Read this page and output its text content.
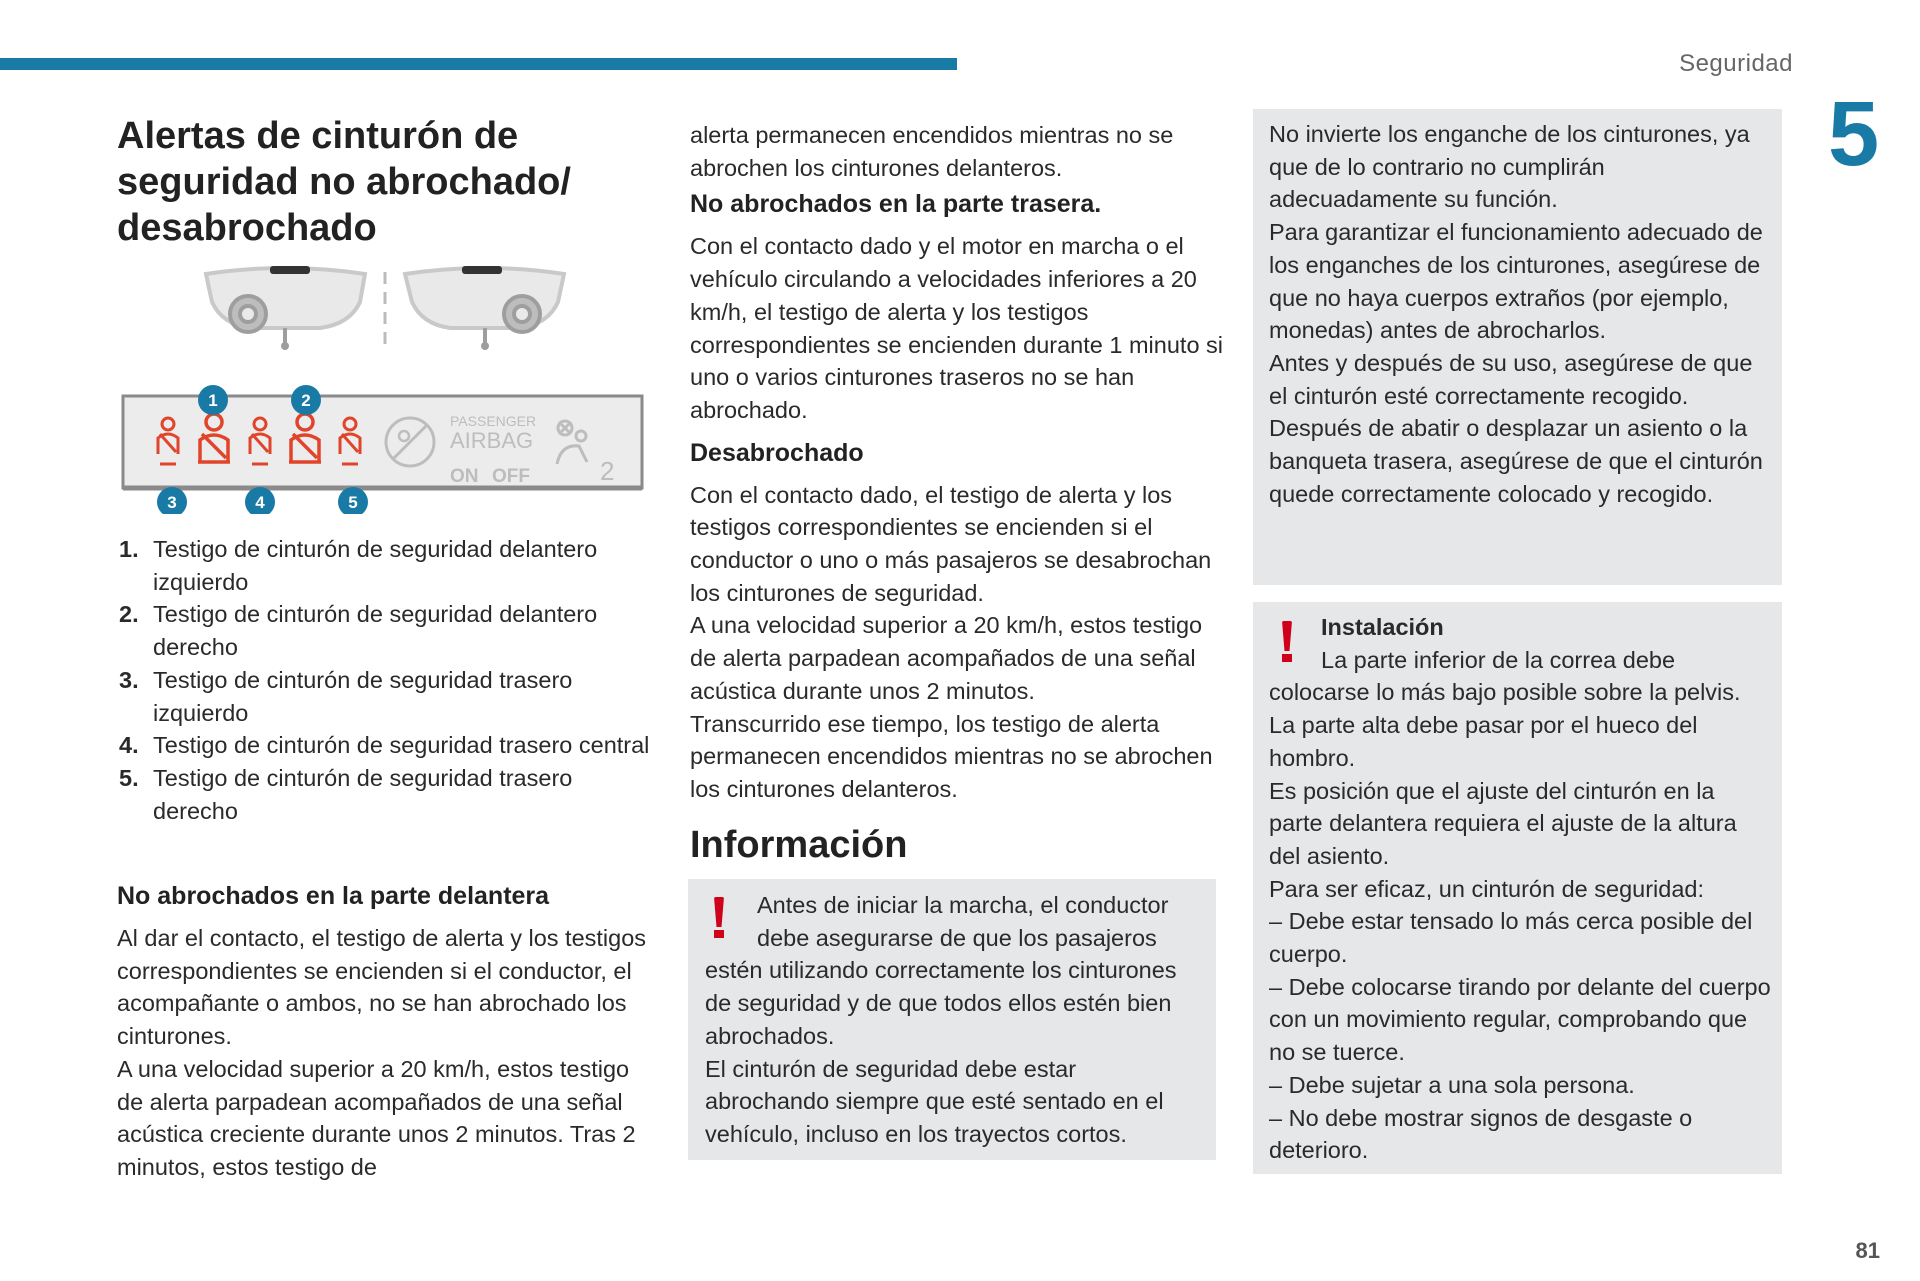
Seguridad
5
81
Alertas de cinturón de
seguridad no abrochado/
desabrochado
PASSENGER
AIRBAG
ON OFF	2
1	2
3	4	5
1. Testigo de cinturón de seguridad delantero izquierdo
2. Testigo de cinturón de seguridad delantero derecho
3. Testigo de cinturón de seguridad trasero izquierdo
4. Testigo de cinturón de seguridad trasero central
5. Testigo de cinturón de seguridad trasero derecho
No abrochados en la parte delantera

Al dar el contacto, el testigo de alerta y los testigos correspondientes se encienden si el conductor, el acompañante o ambos, no se han abrochado los cinturones.

A una velocidad superior a 20 km/h, estos testigo de alerta parpadean acompañados de una señal acústica creciente durante unos 2 minutos. Tras 2 minutos, estos testigo de

alerta permanecen encendidos mientras no se abrochen los cinturones delanteros.

No abrochados en la parte trasera.

Con el contacto dado y el motor en marcha o el vehículo circulando a velocidades inferiores a 20 km/h, el testigo de alerta y los testigos correspondientes se encienden durante 1 minuto si uno o varios cinturones traseros no se han abrochado.

Desabrochado

Con el contacto dado, el testigo de alerta y los testigos correspondientes se encienden si el conductor o uno o más pasajeros se desabrochan los cinturones de seguridad.

A una velocidad superior a 20 km/h, estos testigo de alerta parpadean acompañados de una señal acústica durante unos 2 minutos.

Transcurrido ese tiempo, los testigo de alerta permanecen encendidos mientras no se abrochen los cinturones delanteros.

Información

Antes de iniciar la marcha, el conductor

debe asegurarse de que los pasajeros

estén utilizando correctamente los cinturones de seguridad y de que todos ellos estén bien abrochados.

El cinturón de seguridad debe estar abrochando siempre que esté sentado en el vehículo, incluso en los trayectos cortos.

No invierte los enganche de los cinturones, ya que de lo contrario no cumplirán adecuadamente su función.

Para garantizar el funcionamiento adecuado de los enganches de los cinturones, asegúrese de que no haya cuerpos extraños (por ejemplo, monedas) antes de abrocharlos.

Antes y después de su uso, asegúrese de que el cinturón esté correctamente recogido.

Después de abatir o desplazar un asiento o la banqueta trasera, asegúrese de que el cinturón quede correctamente colocado y recogido.

Instalación

La parte inferior de la correa debe

colocarse lo más bajo posible sobre la pelvis.

La parte alta debe pasar por el hueco del hombro.

Es posición que el ajuste del cinturón en la parte delantera requiera el ajuste de la altura del asiento.

Para ser eficaz, un cinturón de seguridad:

– Debe estar tensado lo más cerca posible del cuerpo.

– Debe colocarse tirando por delante del cuerpo con un movimiento regular, comprobando que no se tuerce.

– Debe sujetar a una sola persona.

– No debe mostrar signos de desgaste o deterioro.
